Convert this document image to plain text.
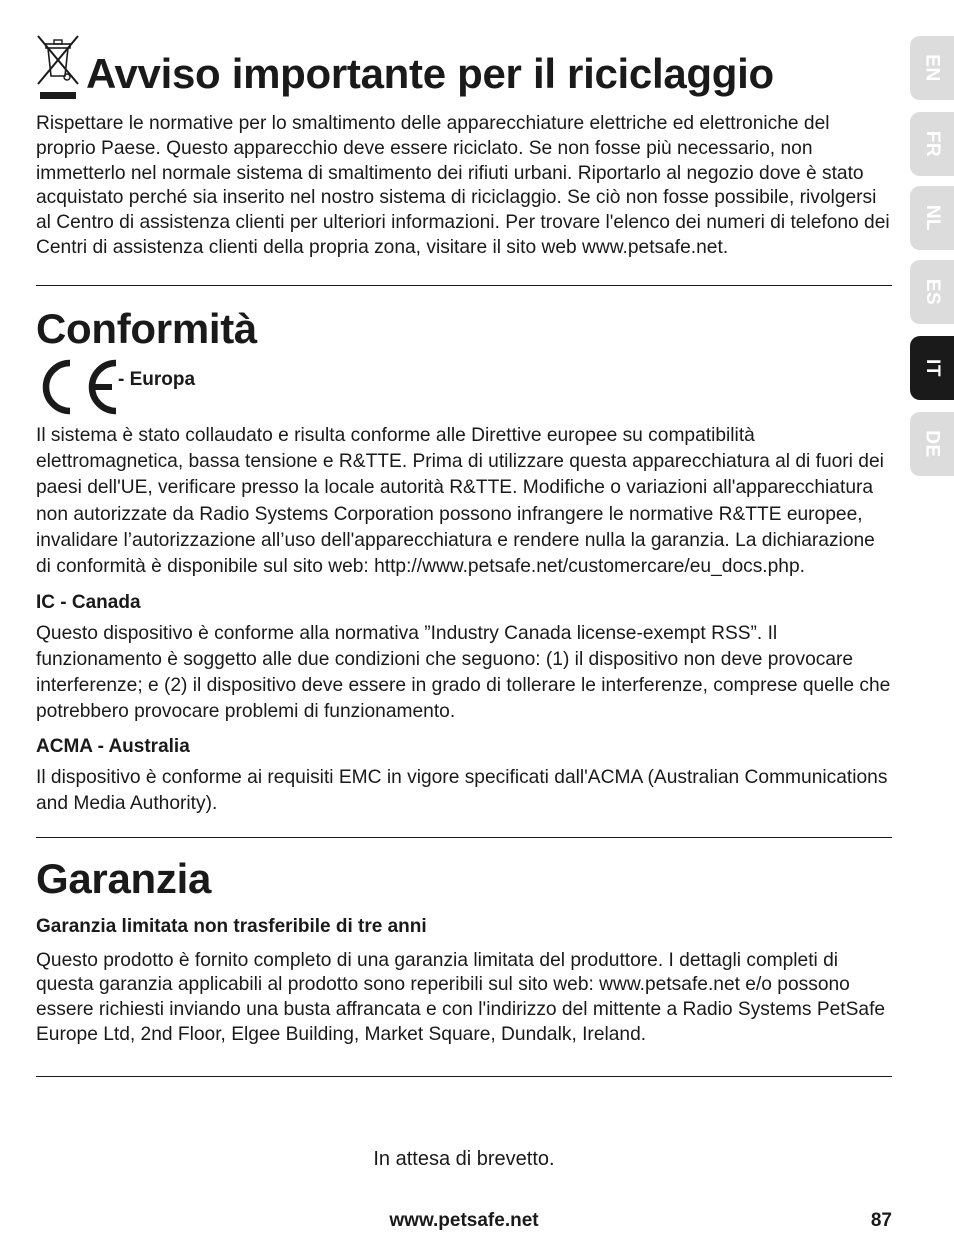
Avviso importante per il riciclaggio

Rispettare le normative per lo smaltimento delle apparecchiature elettriche ed elettroniche del proprio Paese. Questo apparecchio deve essere riciclato. Se non fosse più necessario, non immetterlo nel normale sistema di smaltimento dei rifiuti urbani. Riportarlo al negozio dove è stato acquistato perché sia inserito nel nostro sistema di riciclaggio. Se ciò non fosse possibile, rivolgersi al Centro di assistenza clienti per ulteriori informazioni. Per trovare l'elenco dei numeri di telefono dei Centri di assistenza clienti della propria zona, visitare il sito web www.petsafe.net.

Conformità
- Europa

Il sistema è stato collaudato e risulta conforme alle Direttive europee su compatibilità elettromagnetica, bassa tensione e R&TTE. Prima di utilizzare questa apparecchiatura al di fuori dei paesi dell'UE, verificare presso la locale autorità R&TTE. Modifiche o variazioni all'apparecchiatura non autorizzate da Radio Systems Corporation possono infrangere le normative R&TTE europee, invalidare l’autorizzazione all’uso dell'apparecchiatura e rendere nulla la garanzia. La dichiarazione di conformità è disponibile sul sito web: http://www.petsafe.net/customercare/eu_docs.php.

IC - Canada

Questo dispositivo è conforme alla normativa ”Industry Canada license-exempt RSS”. Il funzionamento è soggetto alle due condizioni che seguono: (1) il dispositivo non deve provocare interferenze; e (2) il dispositivo deve essere in grado di tollerare le interferenze, comprese quelle che potrebbero provocare problemi di funzionamento.

ACMA - Australia

Il dispositivo è conforme ai requisiti EMC in vigore specificati dall'ACMA (Australian Communications and Media Authority).

Garanzia

Garanzia limitata non trasferibile di tre anni

Questo prodotto è fornito completo di una garanzia limitata del produttore. I dettagli completi di questa garanzia applicabili al prodotto sono reperibili sul sito web: www.petsafe.net e/o possono essere richiesti inviando una busta affrancata e con l'indirizzo del mittente a Radio Systems PetSafe Europe Ltd, 2nd Floor, Elgee Building, Market Square, Dundalk, Ireland.

In attesa di brevetto.
www.petsafe.net	87
EN
FR
NL
ES
IT
DE
